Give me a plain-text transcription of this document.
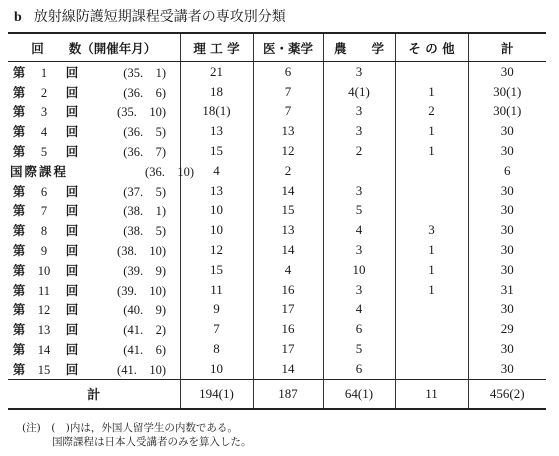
b 放射線防護短期課程受講者の専攻別分類
回　　数（開催年月）	理 工 学	医・薬学	農　　学	そ の 他	計
第 1 回 (35.　1)	21	6	3		30
第 2 回 (36.　6)	18	7	4(1)	1	30(1)
第 3 回 (35.　10)	18(1)	7	3	2	30(1)
第 4 回 (36.　5)	13	13	3	1	30
第 5 回 (36.　7)	15	12	2	1	30
国際課程 (36.　10)	4	2			6
第 6 回 (37.　5)	13	14	3		30
第 7 回 (38.　1)	10	15	5		30
第 8 回 (38.　5)	10	13	4	3	30
第 9 回 (38.　10)	12	14	3	1	30
第 10 回 (39.　9)	15	4	10	1	30
第 11 回 (39.　10)	11	16	3	1	31
第 12 回 (40.　9)	9	17	4		30
第 13 回 (41.　2)	7	16	6		29
第 14 回 (41.　6)	8	17	5		30
第 15 回 (41.　10)	10	14	6		30
計	194(1)	187	64(1)	11	456(2)
(注)　(　)内は，外国人留学生の内数である。
国際課程は日本人受講者のみを算入した。
